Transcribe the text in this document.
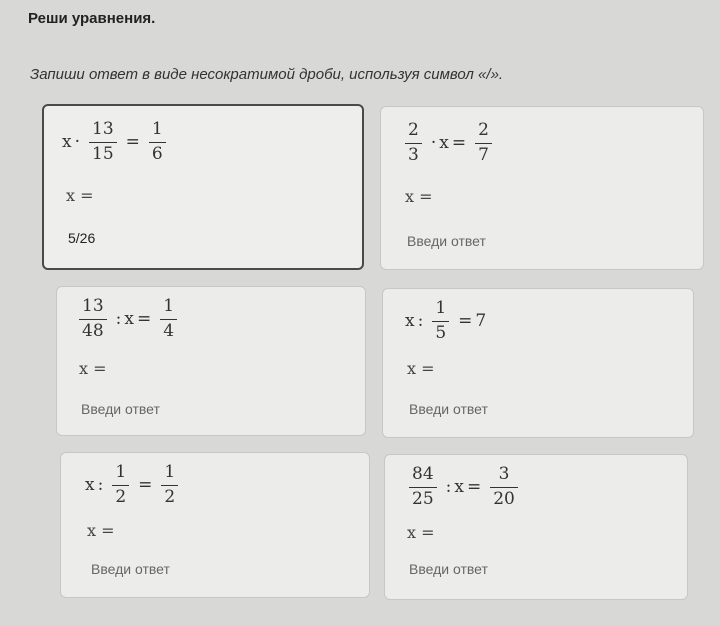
Реши уравнения.
Запиши ответ в виде несократимой дроби, используя символ «/».
$x \cdot \frac{13}{15} = \frac{1}{6}$
x =
5/26
$\frac{2}{3} \cdot x = \frac{2}{7}$
x =
Введи ответ
$\frac{13}{48}$ : $x = \frac{1}{4}$
x =
Введи ответ
x : $\frac{1}{5} = 7$
x =
Введи ответ
x : $\frac{1}{2} = \frac{1}{2}$
x =
Введи ответ
$\frac{84}{25}$ : $x = \frac{3}{20}$
x =
Введи ответ
